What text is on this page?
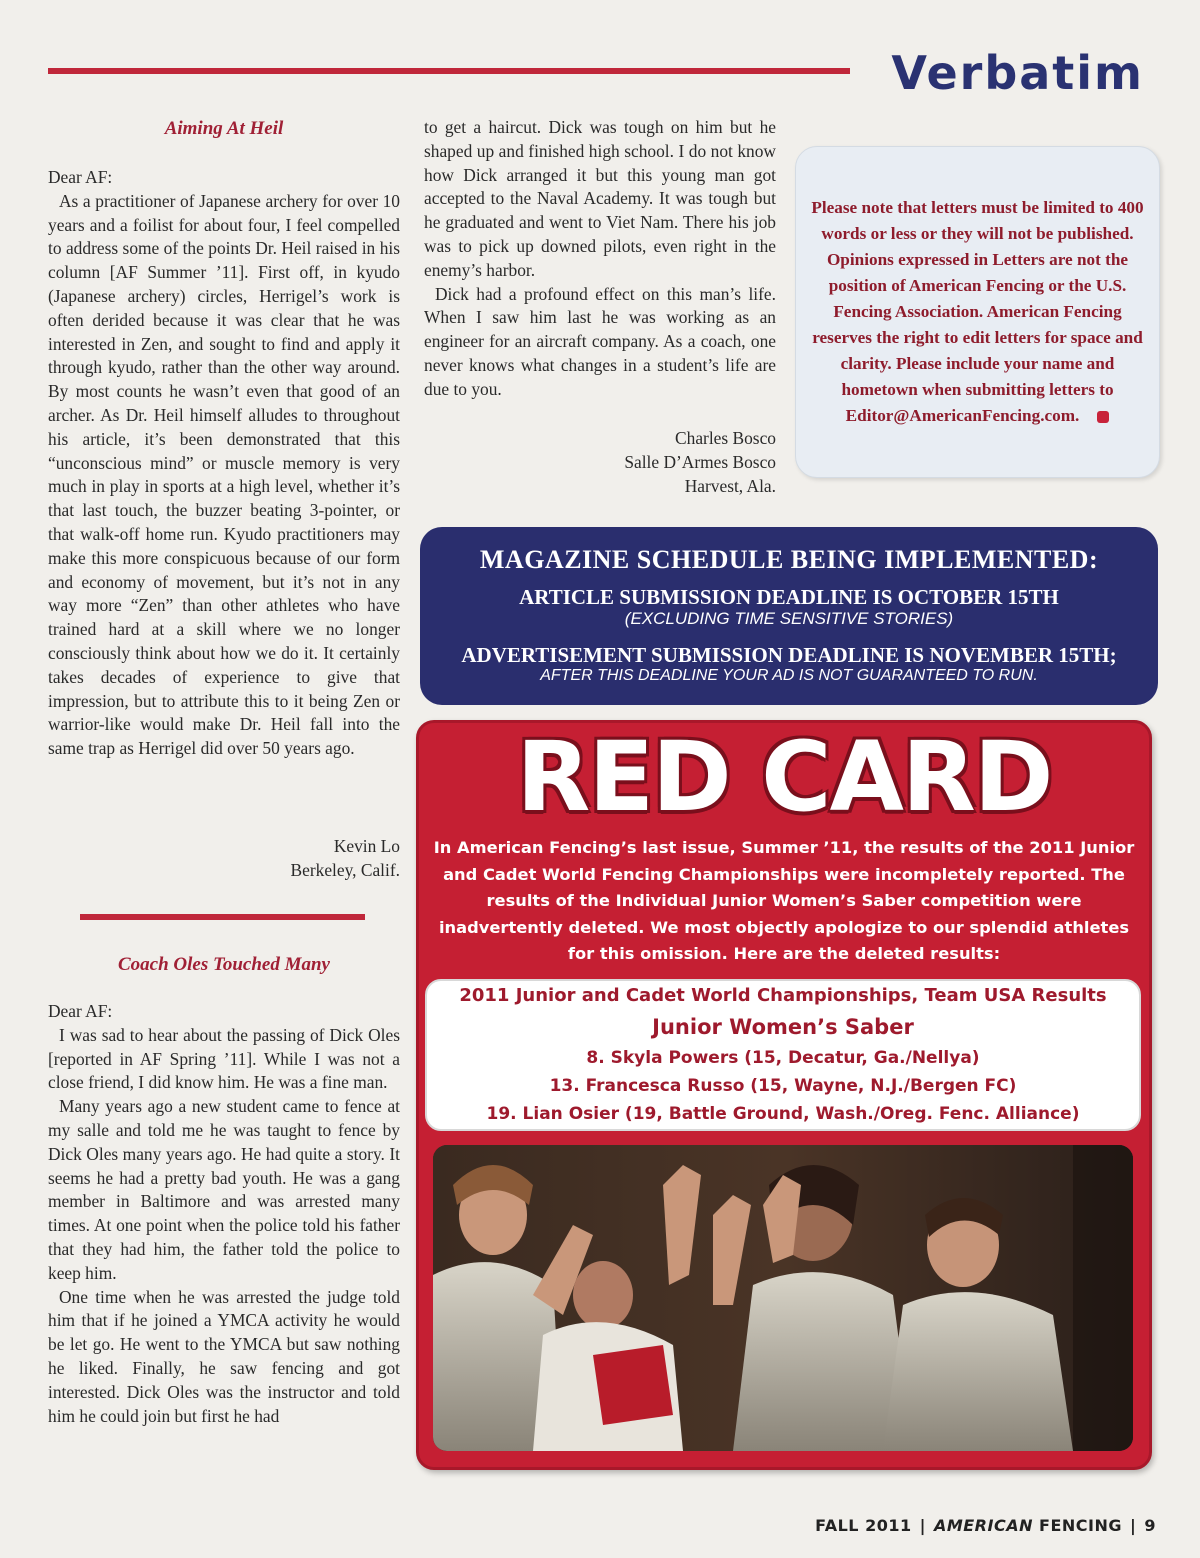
Verbatim
Aiming At Heil

Dear AF:

As a practitioner of Japanese archery for over 10 years and a foilist for about four, I feel compelled to address some of the points Dr. Heil raised in his column [AF Summer ’11]. First off, in kyudo (Japanese archery) circles, Herrigel’s work is often derided because it was clear that he was interested in Zen, and sought to find and apply it through kyudo, rather than the other way around. By most counts he wasn’t even that good of an archer. As Dr. Heil himself alludes to throughout his article, it’s been demonstrated that this “unconscious mind” or muscle memory is very much in play in sports at a high level, whether it’s that last touch, the buzzer beating 3-pointer, or that walk-off home run. Kyudo practitioners may make this more conspicuous because of our form and economy of movement, but it’s not in any way more “Zen” than other athletes who have trained hard at a skill where we no longer consciously think about how we do it. It certainly takes decades of experience to give that impression, but to attribute this to it being Zen or warrior-like would make Dr. Heil fall into the same trap as Herrigel did over 50 years ago.

Kevin Lo
Berkeley, Calif.
Coach Oles Touched Many

Dear AF:

I was sad to hear about the passing of Dick Oles [reported in AF Spring ’11]. While I was not a close friend, I did know him. He was a fine man.

Many years ago a new student came to fence at my salle and told me he was taught to fence by Dick Oles many years ago. He had quite a story. It seems he had a pretty bad youth. He was a gang member in Baltimore and was arrested many times. At one point when the police told his father that they had him, the father told the police to keep him.

One time when he was arrested the judge told him that if he joined a YMCA activity he would be let go. He went to the YMCA but saw nothing he liked. Finally, he saw fencing and got interested. Dick Oles was the instructor and told him he could join but first he had

to get a haircut. Dick was tough on him but he shaped up and finished high school. I do not know how Dick arranged it but this young man got accepted to the Naval Academy. It was tough but he graduated and went to Viet Nam. There his job was to pick up downed pilots, even right in the enemy’s harbor.

Dick had a profound effect on this man’s life. When I saw him last he was working as an engineer for an aircraft company. As a coach, one never knows what changes in a student’s life are due to you.

Charles Bosco
Salle D’Armes Bosco
Harvest, Ala.
Please note that letters must be limited to 400 words or less or they will not be published. Opinions expressed in Letters are not the position of American Fencing or the U.S. Fencing Association. American Fencing reserves the right to edit letters for space and clarity. Please include your name and hometown when submitting letters to Editor@AmericanFencing.com.
MAGAZINE SCHEDULE BEING IMPLEMENTED:
ARTICLE SUBMISSION DEADLINE IS OCTOBER 15TH
(EXCLUDING TIME SENSITIVE STORIES)
ADVERTISEMENT SUBMISSION DEADLINE IS NOVEMBER 15TH;
AFTER THIS DEADLINE YOUR AD IS NOT GUARANTEED TO RUN.
RED CARD
In American Fencing’s last issue, Summer ’11, the results of the 2011 Junior and Cadet World Fencing Championships were incompletely reported. The results of the Individual Junior Women’s Saber competition were inadvertently deleted. We most objectly apologize to our splendid athletes for this omission. Here are the deleted results:
2011 Junior and Cadet World Championships, Team USA Results
Junior Women’s Saber
8. Skyla Powers (15, Decatur, Ga./Nellya)
13. Francesca Russo (15, Wayne, N.J./Bergen FC)
19. Lian Osier (19, Battle Ground, Wash./Oreg. Fenc. Alliance)
FALL 2011 | AMERICAN FENCING | 9
